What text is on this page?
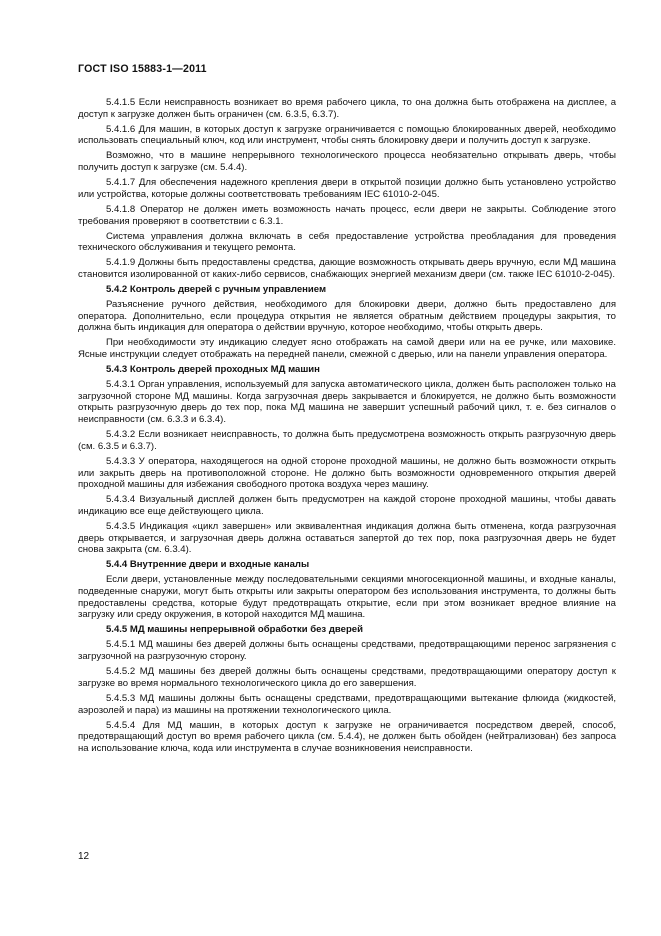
ГОСТ ISO 15883-1—2011

5.4.1.5 Если неисправность возникает во время рабочего цикла, то она должна быть отображена на дисплее, а доступ к загрузке должен быть ограничен (см. 6.3.5, 6.3.7).

5.4.1.6 Для машин, в которых доступ к загрузке ограничивается с помощью блокированных дверей, необходимо использовать специальный ключ, код или инструмент, чтобы снять блокировку двери и получить доступ к загрузке.

Возможно, что в машине непрерывного технологического процесса необязательно открывать дверь, чтобы получить доступ к загрузке (см. 5.4.4).

5.4.1.7 Для обеспечения надежного крепления двери в открытой позиции должно быть установлено устройство или устройства, которые должны соответствовать требованиям IEC 61010-2-045.

5.4.1.8 Оператор не должен иметь возможность начать процесс, если двери не закрыты. Соблюдение этого требования проверяют в соответствии с 6.3.1.

Система управления должна включать в себя предоставление устройства преобладания для проведения технического обслуживания и текущего ремонта.

5.4.1.9 Должны быть предоставлены средства, дающие возможность открывать дверь вручную, если МД машина становится изолированной от каких-либо сервисов, снабжающих энергией механизм двери (см. также IEC 61010-2-045).

5.4.2 Контроль дверей с ручным управлением

Разъяснение ручного действия, необходимого для блокировки двери, должно быть предоставлено для оператора. Дополнительно, если процедура открытия не является обратным действием процедуры закрытия, то должна быть индикация для оператора о действии вручную, которое необходимо, чтобы открыть дверь.

При необходимости эту индикацию следует ясно отображать на самой двери или на ее ручке, или маховике. Ясные инструкции следует отображать на передней панели, смежной с дверью, или на панели управления оператора.

5.4.3 Контроль дверей проходных МД машин

5.4.3.1 Орган управления, используемый для запуска автоматического цикла, должен быть расположен только на загрузочной стороне МД машины. Когда загрузочная дверь закрывается и блокируется, не должно быть возможности открыть разгрузочную дверь до тех пор, пока МД машина не завершит успешный рабочий цикл, т. е. без сигналов о неисправности (см. 6.3.3 и 6.3.4).

5.4.3.2 Если возникает неисправность, то должна быть предусмотрена возможность открыть разгрузочную дверь (см. 6.3.5 и 6.3.7).

5.4.3.3 У оператора, находящегося на одной стороне проходной машины, не должно быть возможности открыть или закрыть дверь на противоположной стороне. Не должно быть возможности одновременного открытия дверей проходной машины для избежания свободного протока воздуха через машину.

5.4.3.4 Визуальный дисплей должен быть предусмотрен на каждой стороне проходной машины, чтобы давать индикацию все еще действующего цикла.

5.4.3.5 Индикация «цикл завершен» или эквивалентная индикация должна быть отменена, когда разгрузочная дверь открывается, и загрузочная дверь должна оставаться запертой до тех пор, пока разгрузочная дверь не будет снова закрыта (см. 6.3.4).

5.4.4 Внутренние двери и входные каналы

Если двери, установленные между последовательными секциями многосекционной машины, и входные каналы, подведенные снаружи, могут быть открыты или закрыты оператором без использования инструмента, то должны быть предоставлены средства, которые будут предотвращать открытие, если при этом возникает вредное влияние на загрузку или среду окружения, в которой находится МД машина.

5.4.5 МД машины непрерывной обработки без дверей

5.4.5.1 МД машины без дверей должны быть оснащены средствами, предотвращающими перенос загрязнения с загрузочной на разгрузочную сторону.

5.4.5.2 МД машины без дверей должны быть оснащены средствами, предотвращающими оператору доступ к загрузке во время нормального технологического цикла до его завершения.

5.4.5.3 МД машины должны быть оснащены средствами, предотвращающими вытекание флюида (жидкостей, аэрозолей и пара) из машины на протяжении технологического цикла.

5.4.5.4 Для МД машин, в которых доступ к загрузке не ограничивается посредством дверей, способ, предотвращающий доступ во время рабочего цикла (см. 5.4.4), не должен быть обойден (нейтрализован) без запроса на использование ключа, кода или инструмента в случае возникновения неисправности.

12
